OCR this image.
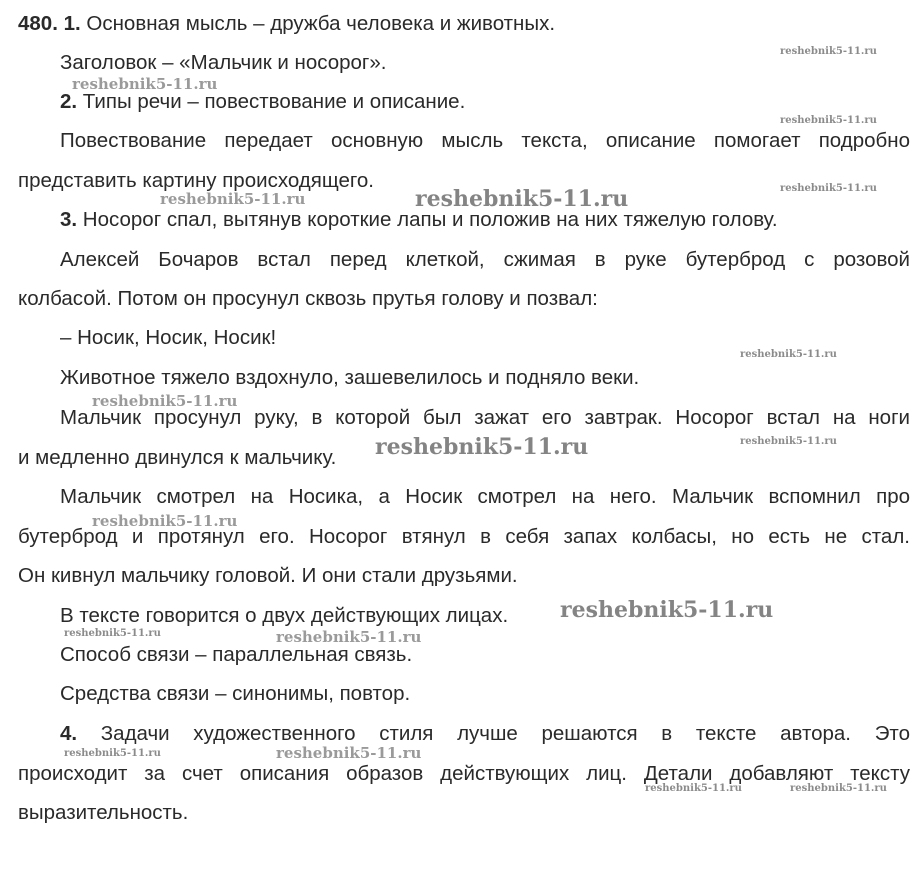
480. 1. Основная мысль – дружба человека и животных.
Заголовок – «Мальчик и носорог».
2. Типы речи – повествование и описание.
Повествование передает основную мысль текста, описание помогает подробно
представить картину происходящего.
3. Носорог спал, вытянув короткие лапы и положив на них тяжелую голову.
Алексей Бочаров встал перед клеткой, сжимая в руке бутерброд с розовой
колбасой. Потом он просунул сквозь прутья голову и позвал:
– Носик, Носик, Носик!
Животное тяжело вздохнуло, зашевелилось и подняло веки.
Мальчик просунул руку, в которой был зажат его завтрак. Носорог встал на ноги
и медленно двинулся к мальчику.
Мальчик смотрел на Носика, а Носик смотрел на него. Мальчик вспомнил про
бутерброд и протянул его. Носорог втянул в себя запах колбасы, но есть не стал.
Он кивнул мальчику головой. И они стали друзьями.
В тексте говорится о двух действующих лицах.
Способ связи – параллельная связь.
Средства связи – синонимы, повтор.
4. Задачи художественного стиля лучше решаются в тексте автора. Это
происходит за счет описания образов действующих лиц. Детали добавляют тексту
выразительность.
reshebnik5-11.ru
reshebnik5-11.ru
reshebnik5-11.ru
reshebnik5-11.ru	reshebnik5-11.ru	reshebnik5-11.ru
reshebnik5-11.ru
reshebnik5-11.ru
reshebnik5-11.ru	reshebnik5-11.ru
reshebnik5-11.ru
reshebnik5-11.ru
reshebnik5-11.ru	reshebnik5-11.ru
reshebnik5-11.ru	reshebnik5-11.ru
reshebnik5-11.ru	reshebnik5-11.ru
